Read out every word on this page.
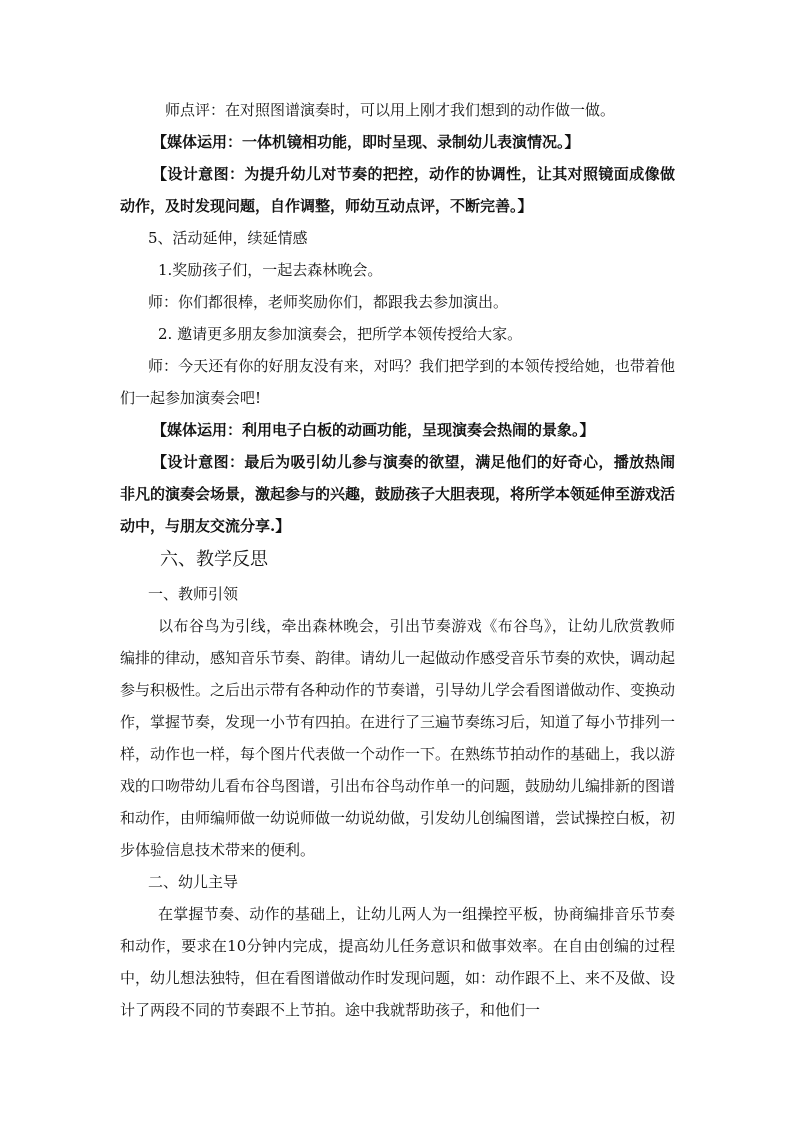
师点评：在对照图谱演奏时，可以用上刚才我们想到的动作做一做。

【媒体运用：一体机镜相功能，即时呈现、录制幼儿表演情况。】

【设计意图：为提升幼儿对节奏的把控，动作的协调性，让其对照镜面成像做动作，及时发现问题，自作调整，师幼互动点评，不断完善。】

5、活动延伸，续延情感

1.奖励孩子们，一起去森林晚会。

师：你们都很棒，老师奖励你们，都跟我去参加演出。

2. 邀请更多朋友参加演奏会，把所学本领传授给大家。

师：今天还有你的好朋友没有来，对吗？我们把学到的本领传授给她，也带着他们一起参加演奏会吧!

【媒体运用：利用电子白板的动画功能，呈现演奏会热闹的景象。】

【设计意图：最后为吸引幼儿参与演奏的欲望，满足他们的好奇心，播放热闹非凡的演奏会场景，激起参与的兴趣，鼓励孩子大胆表现，将所学本领延伸至游戏活动中，与朋友交流分享.】

六、教学反思

一、教师引领

以布谷鸟为引线，牵出森林晚会，引出节奏游戏《布谷鸟》，让幼儿欣赏教师编排的律动，感知音乐节奏、韵律。请幼儿一起做动作感受音乐节奏的欢快，调动起参与积极性。之后出示带有各种动作的节奏谱，引导幼儿学会看图谱做动作、变换动作，掌握节奏，发现一小节有四拍。在进行了三遍节奏练习后，知道了每小节排列一样，动作也一样，每个图片代表做一个动作一下。在熟练节拍动作的基础上，我以游戏的口吻带幼儿看布谷鸟图谱，引出布谷鸟动作单一的问题，鼓励幼儿编排新的图谱和动作，由师编师做一幼说师做一幼说幼做，引发幼儿创编图谱，尝试操控白板，初步体验信息技术带来的便利。

二、幼儿主导

在掌握节奏、动作的基础上，让幼儿两人为一组操控平板，协商编排音乐节奏和动作，要求在10分钟内完成，提高幼儿任务意识和做事效率。在自由创编的过程中，幼儿想法独特，但在看图谱做动作时发现问题，如：动作跟不上、来不及做、设计了两段不同的节奏跟不上节拍。途中我就帮助孩子，和他们一
